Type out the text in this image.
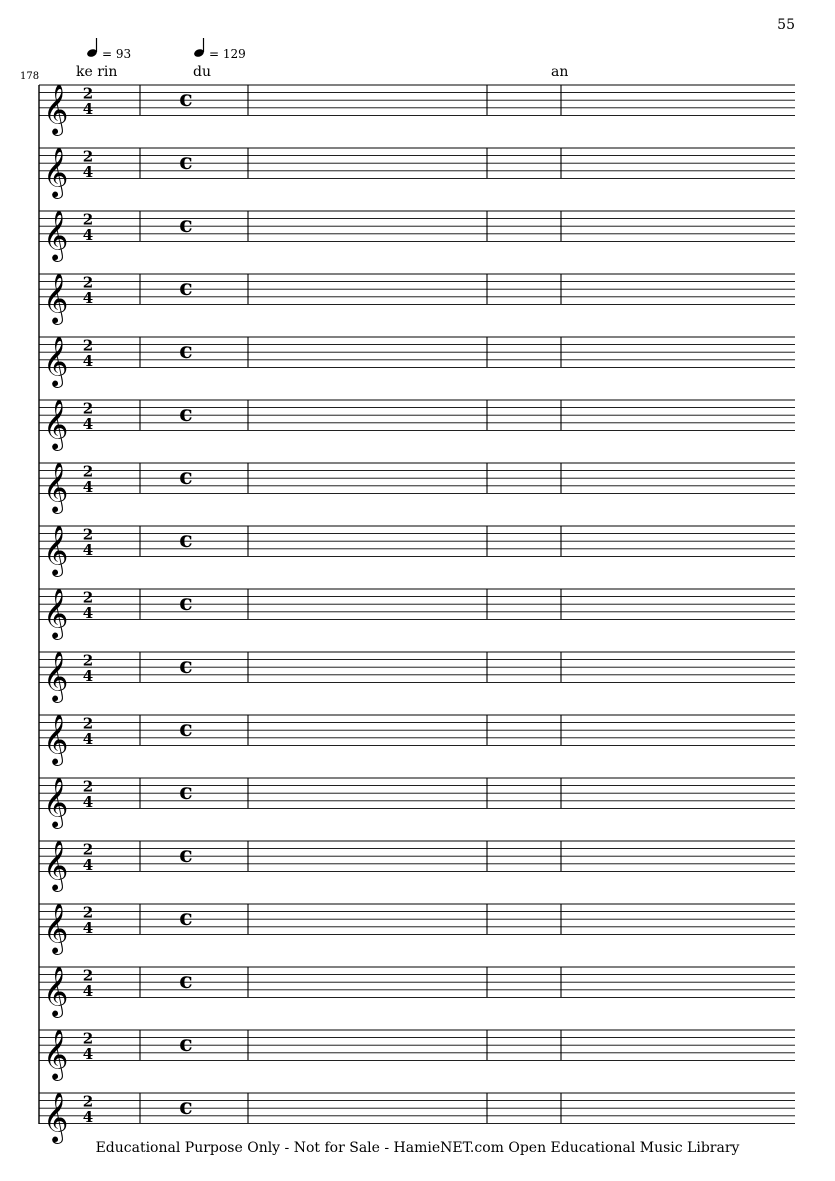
55
178
= 93	= 129
ke rin	du	an
𝄞 2
4	c
𝄞 2
4	c
𝄞 2
4	c
𝄞 2
4	c
𝄞 2
4	c
𝄞 2
4	c
𝄞 2
4	c
𝄞 2
4	c
𝄞 2
4	c
𝄞 2
4	c
𝄞 2
4	c
𝄞 2
4	c
𝄞 2
4	c
𝄞 2
4	c
𝄞 2
4	c
𝄞 2
4	c
𝄞 2
4	c
Educational Purpose Only - Not for Sale - HamieNET.com Open Educational Music Library
